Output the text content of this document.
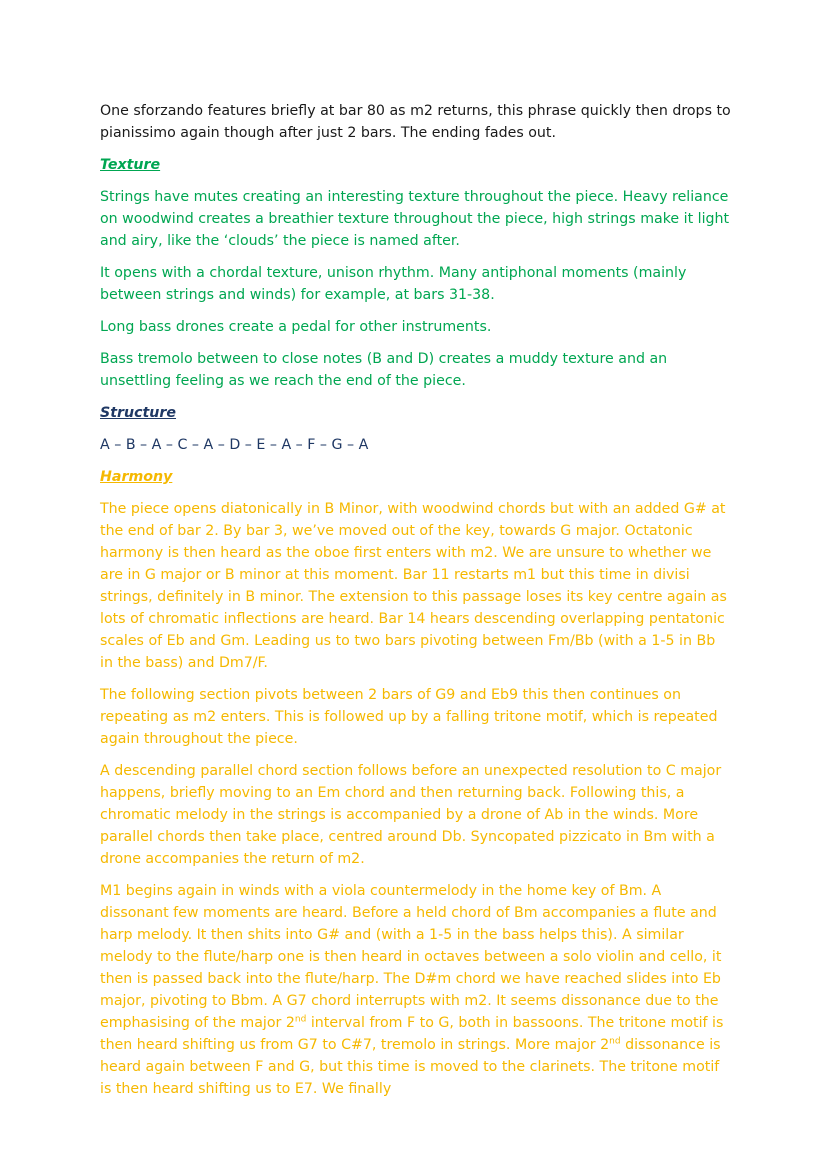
One sforzando features briefly at bar 80 as m2 returns, this phrase quickly then drops to pianissimo again though after just 2 bars. The ending fades out.

Texture

Strings have mutes creating an interesting texture throughout the piece. Heavy reliance on woodwind creates a breathier texture throughout the piece, high strings make it light and airy, like the ‘clouds’ the piece is named after.

It opens with a chordal texture, unison rhythm. Many antiphonal moments (mainly between strings and winds) for example, at bars 31-38.

Long bass drones create a pedal for other instruments.

Bass tremolo between to close notes (B and D) creates a muddy texture and an unsettling feeling as we reach the end of the piece.

Structure

A – B – A – C – A – D – E – A – F – G – A

Harmony

The piece opens diatonically in B Minor, with woodwind chords but with an added G# at the end of bar 2. By bar 3, we’ve moved out of the key, towards G major. Octatonic harmony is then heard as the oboe first enters with m2. We are unsure to whether we are in G major or B minor at this moment. Bar 11 restarts m1 but this time in divisi strings, definitely in B minor. The extension to this passage loses its key centre again as lots of chromatic inflections are heard. Bar 14 hears descending overlapping pentatonic scales of Eb and Gm. Leading us to two bars pivoting between Fm/Bb (with a 1-5 in Bb in the bass) and Dm7/F.

The following section pivots between 2 bars of G9 and Eb9 this then continues on repeating as m2 enters. This is followed up by a falling tritone motif, which is repeated again throughout the piece.

A descending parallel chord section follows before an unexpected resolution to C major happens, briefly moving to an Em chord and then returning back. Following this, a chromatic melody in the strings is accompanied by a drone of Ab in the winds. More parallel chords then take place, centred around Db. Syncopated pizzicato in Bm with a drone accompanies the return of m2.

M1 begins again in winds with a viola countermelody in the home key of Bm. A dissonant few moments are heard. Before a held chord of Bm accompanies a flute and harp melody. It then shits into G# and (with a 1-5 in the bass helps this). A similar melody to the flute/harp one is then heard in octaves between a solo violin and cello, it then is passed back into the flute/harp. The D#m chord we have reached slides into Eb major, pivoting to Bbm. A G7 chord interrupts with m2. It seems dissonance due to the emphasising of the major 2nd interval from F to G, both in bassoons. The tritone motif is then heard shifting us from G7 to C#7, tremolo in strings. More major 2nd dissonance is heard again between F and G, but this time is moved to the clarinets. The tritone motif is then heard shifting us to E7. We finally
